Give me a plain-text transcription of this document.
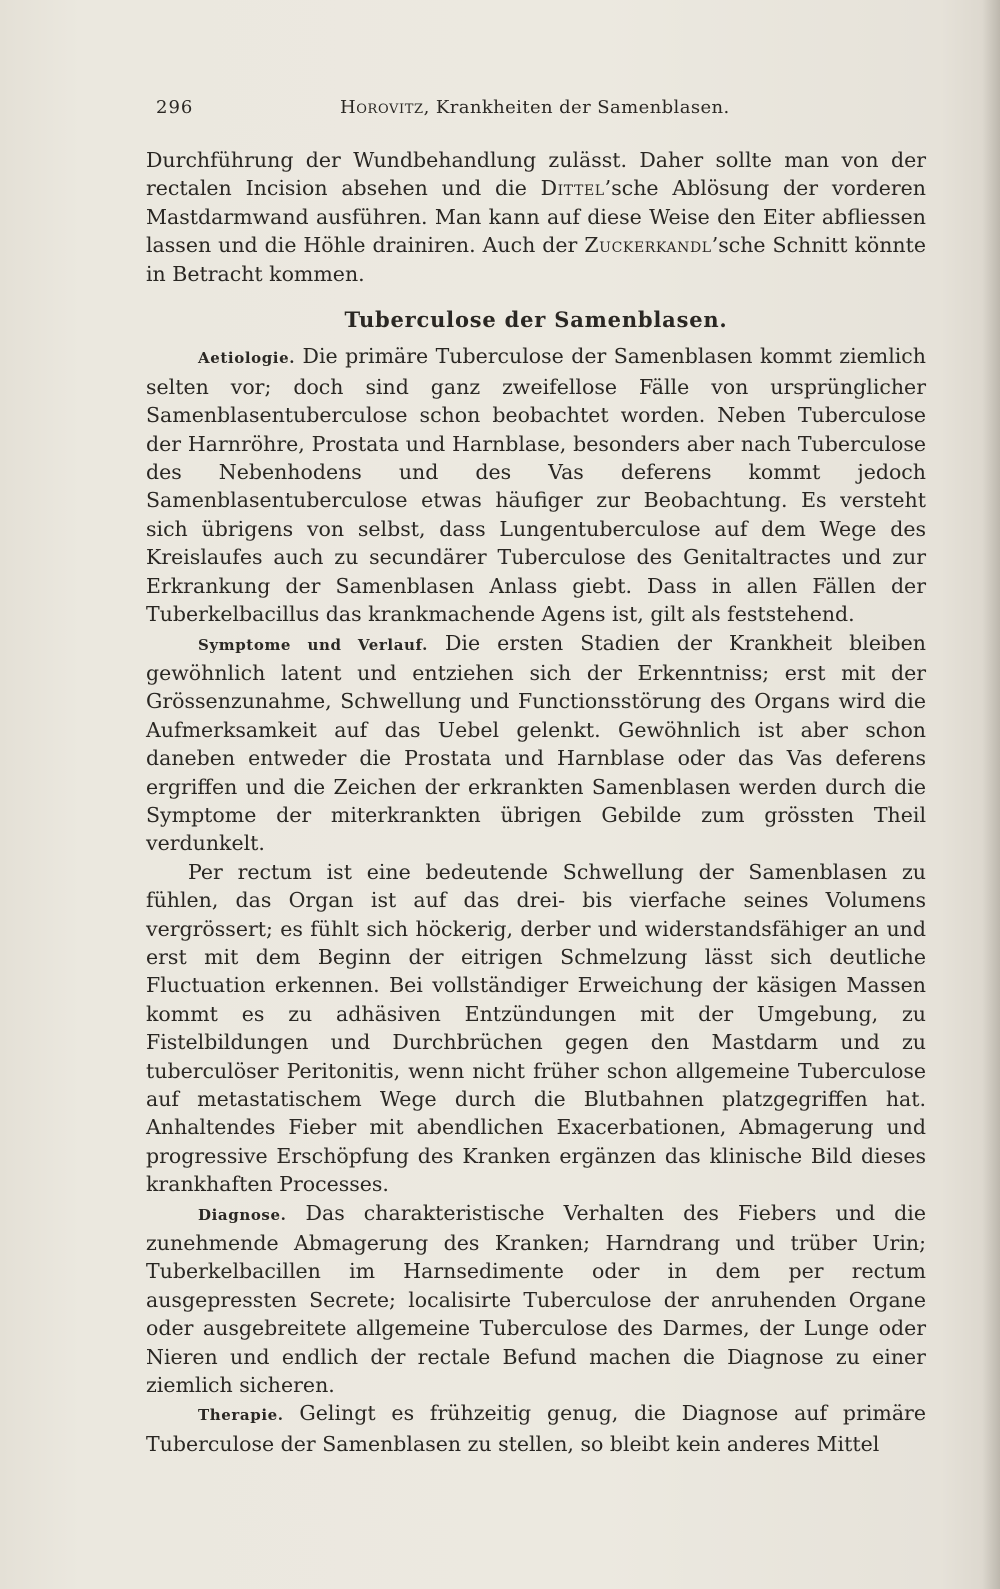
296	Horovitz, Krankheiten der Samenblasen.

Durchführung der Wundbehandlung zulässt. Daher sollte man von der rectalen Incision absehen und die Dittel’sche Ablösung der vorderen Mastdarmwand ausführen. Man kann auf diese Weise den Eiter abfliessen lassen und die Höhle drainiren. Auch der Zuckerkandl’sche Schnitt könnte in Betracht kommen.

Tuberculose der Samenblasen.

Aetiologie. Die primäre Tuberculose der Samenblasen kommt ziemlich selten vor; doch sind ganz zweifellose Fälle von ursprünglicher Samenblasentuberculose schon beobachtet worden. Neben Tuberculose der Harnröhre, Prostata und Harnblase, besonders aber nach Tuberculose des Nebenhodens und des Vas deferens kommt jedoch Samenblasentuberculose etwas häufiger zur Beobachtung. Es versteht sich übrigens von selbst, dass Lungentuberculose auf dem Wege des Kreislaufes auch zu secundärer Tuberculose des Genitaltractes und zur Erkrankung der Samenblasen Anlass giebt. Dass in allen Fällen der Tuberkelbacillus das krankmachende Agens ist, gilt als feststehend.

Symptome und Verlauf. Die ersten Stadien der Krankheit bleiben gewöhnlich latent und entziehen sich der Erkenntniss; erst mit der Grössenzunahme, Schwellung und Functionsstörung des Organs wird die Aufmerksamkeit auf das Uebel gelenkt. Gewöhnlich ist aber schon daneben entweder die Prostata und Harnblase oder das Vas deferens ergriffen und die Zeichen der erkrankten Samenblasen werden durch die Symptome der miterkrankten übrigen Gebilde zum grössten Theil verdunkelt.

Per rectum ist eine bedeutende Schwellung der Samenblasen zu fühlen, das Organ ist auf das drei- bis vierfache seines Volumens vergrössert; es fühlt sich höckerig, derber und widerstandsfähiger an und erst mit dem Beginn der eitrigen Schmelzung lässt sich deutliche Fluctuation erkennen. Bei vollständiger Erweichung der käsigen Massen kommt es zu adhäsiven Entzündungen mit der Umgebung, zu Fistelbildungen und Durchbrüchen gegen den Mastdarm und zu tuberculöser Peritonitis, wenn nicht früher schon allgemeine Tuberculose auf metastatischem Wege durch die Blutbahnen platzgegriffen hat. Anhaltendes Fieber mit abendlichen Exacerbationen, Abmagerung und progressive Erschöpfung des Kranken ergänzen das klinische Bild dieses krankhaften Processes.

Diagnose. Das charakteristische Verhalten des Fiebers und die zunehmende Abmagerung des Kranken; Harndrang und trüber Urin; Tuberkelbacillen im Harnsedimente oder in dem per rectum ausgepressten Secrete; localisirte Tuberculose der anruhenden Organe oder ausgebreitete allgemeine Tuberculose des Darmes, der Lunge oder Nieren und endlich der rectale Befund machen die Diagnose zu einer ziemlich sicheren.

Therapie. Gelingt es frühzeitig genug, die Diagnose auf primäre Tuberculose der Samenblasen zu stellen, so bleibt kein anderes Mittel
